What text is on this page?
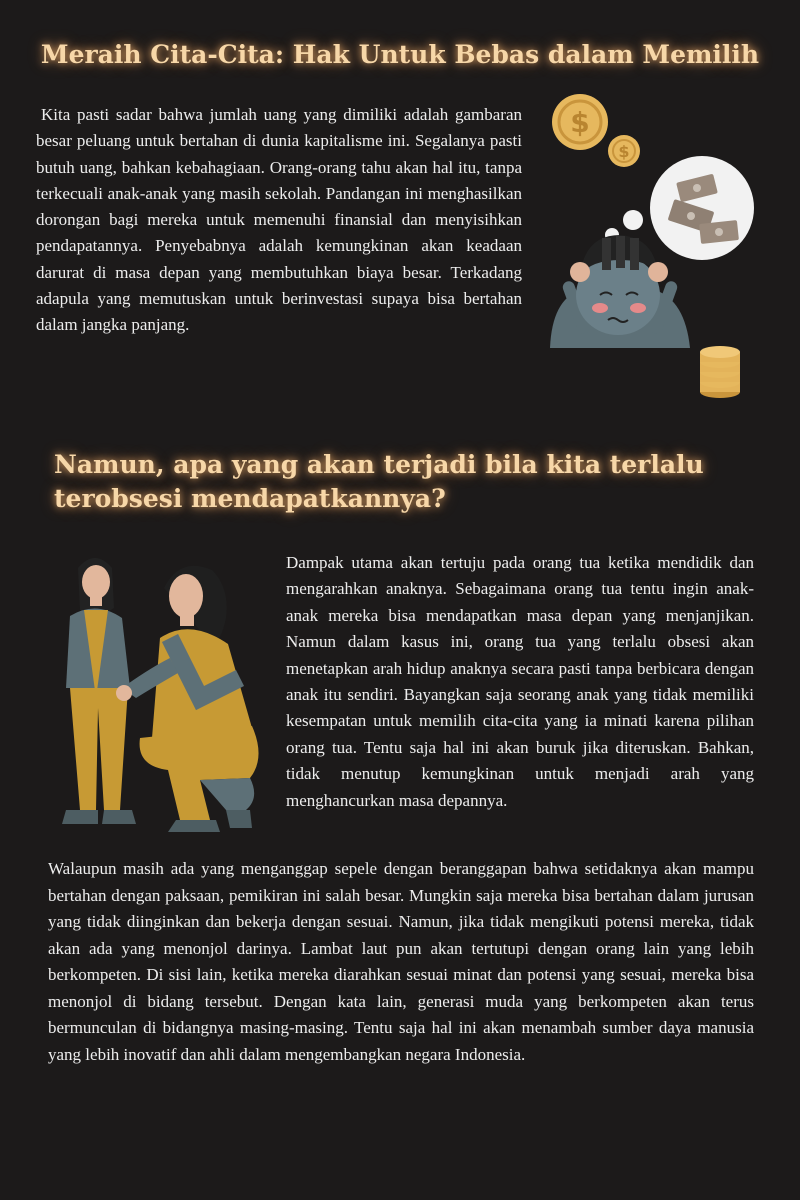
Meraih Cita-Cita: Hak Untuk Bebas dalam Memilih

Kita pasti sadar bahwa jumlah uang yang dimiliki adalah gambaran besar peluang untuk bertahan di dunia kapitalisme ini. Segalanya pasti butuh uang, bahkan kebahagiaan. Orang-orang tahu akan hal itu, tanpa terkecuali anak-anak yang masih sekolah. Pandangan ini menghasilkan dorongan bagi mereka untuk memenuhi finansial dan menyisihkan pendapatannya. Penyebabnya adalah kemungkinan akan keadaan darurat di masa depan yang membutuhkan biaya besar. Terkadang adapula yang memutuskan untuk berinvestasi supaya bisa bertahan dalam jangka panjang.

$
$
Namun, apa yang akan terjadi bila kita terlalu terobsesi mendapatkannya?

Dampak utama akan tertuju pada orang tua ketika mendidik dan mengarahkan anaknya. Sebagaimana orang tua tentu ingin anak-anak mereka bisa mendapatkan masa depan yang menjanjikan. Namun dalam kasus ini, orang tua yang terlalu obsesi akan menetapkan arah hidup anaknya secara pasti tanpa berbicara dengan anak itu sendiri. Bayangkan saja seorang anak yang tidak memiliki kesempatan untuk memilih cita-cita yang ia minati karena pilihan orang tua. Tentu saja hal ini akan buruk jika diteruskan. Bahkan, tidak menutup kemungkinan untuk menjadi arah yang menghancurkan masa depannya.

Walaupun masih ada yang menganggap sepele dengan beranggapan bahwa setidaknya akan mampu bertahan dengan paksaan, pemikiran ini salah besar. Mungkin saja mereka bisa bertahan dalam jurusan yang tidak diinginkan dan bekerja dengan sesuai. Namun, jika tidak mengikuti potensi mereka, tidak akan ada yang menonjol darinya. Lambat laut pun akan tertutupi dengan orang lain yang lebih berkompeten. Di sisi lain, ketika mereka diarahkan sesuai minat dan potensi yang sesuai, mereka bisa menonjol di bidang tersebut. Dengan kata lain, generasi muda yang berkompeten akan terus bermunculan di bidangnya masing-masing. Tentu saja hal ini akan menambah sumber daya manusia yang lebih inovatif dan ahli dalam mengembangkan negara Indonesia.
